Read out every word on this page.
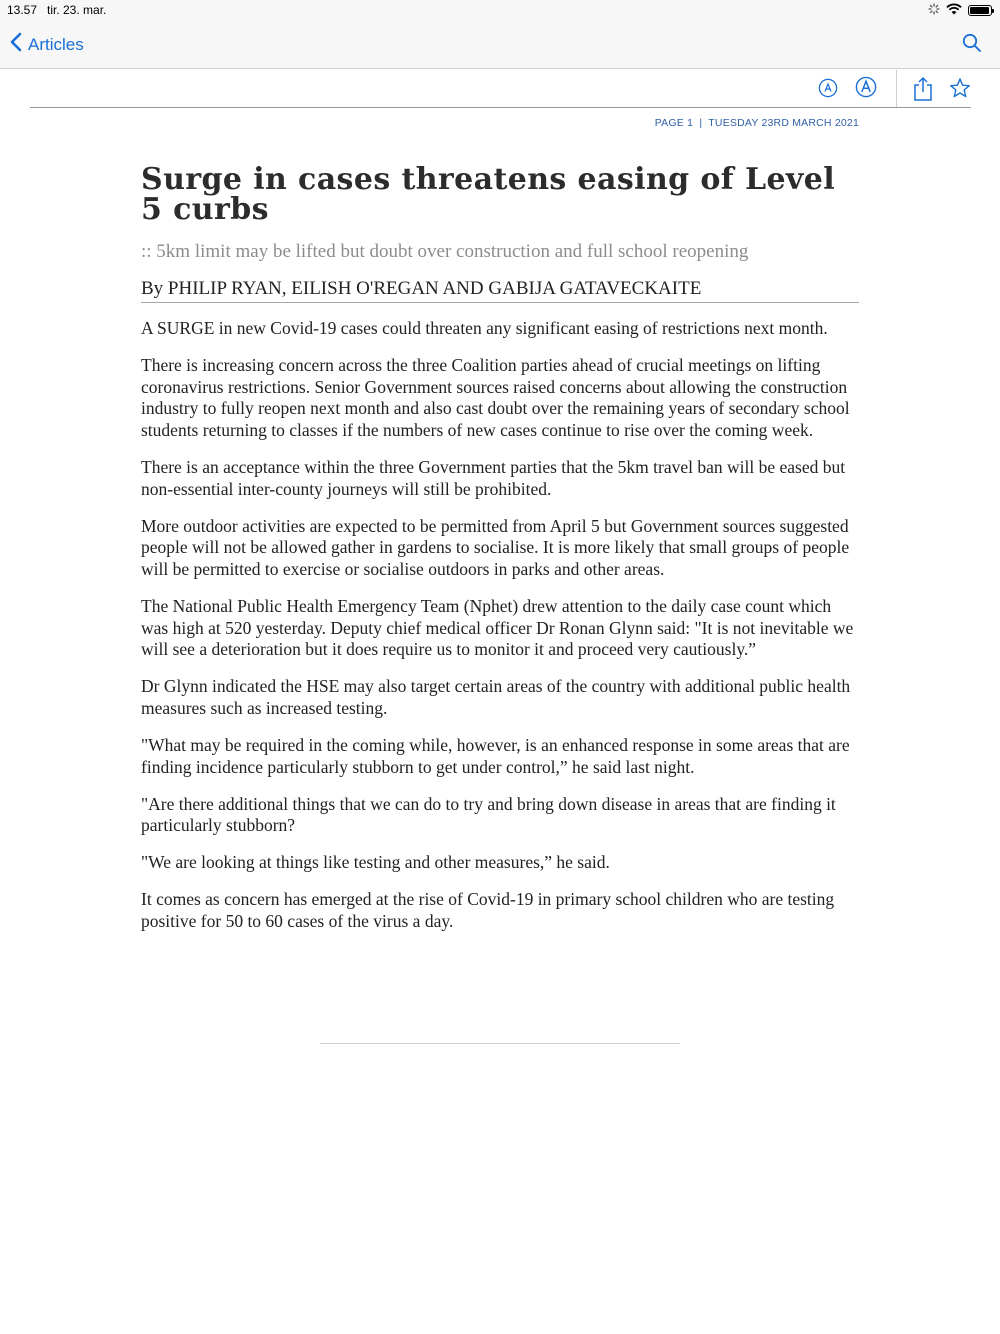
13.57 tir. 23. mar.
Articles
PAGE 1  |  TUESDAY 23RD MARCH 2021
Surge in cases threatens easing of Level 5 curbs
:: 5km limit may be lifted but doubt over construction and full school reopening
By PHILIP RYAN, EILISH O'REGAN AND GABIJA GATAVECKAITE

A SURGE in new Covid-19 cases could threaten any significant easing of restrictions next month.

There is increasing concern across the three Coalition parties ahead of crucial meetings on lifting coronavirus restrictions. Senior Government sources raised concerns about allowing the construction industry to fully reopen next month and also cast doubt over the remaining years of secondary school students returning to classes if the numbers of new cases continue to rise over the coming week.

There is an acceptance within the three Government parties that the 5km travel ban will be eased but non-essential inter-county journeys will still be prohibited.

More outdoor activities are expected to be permitted from April 5 but Government sources suggested people will not be allowed gather in gardens to socialise. It is more likely that small groups of people will be permitted to exercise or socialise outdoors in parks and other areas.

The National Public Health Emergency Team (Nphet) drew attention to the daily case count which was high at 520 yesterday. Deputy chief medical officer Dr Ronan Glynn said: "It is not inevitable we will see a deterioration but it does require us to monitor it and proceed very cautiously.”

Dr Glynn indicated the HSE may also target certain areas of the country with additional public health measures such as increased testing.

"What may be required in the coming while, however, is an enhanced response in some areas that are finding incidence particularly stubborn to get under control,” he said last night.

"Are there additional things that we can do to try and bring down disease in areas that are finding it particularly stubborn?

"We are looking at things like testing and other measures,” he said.

It comes as concern has emerged at the rise of Covid-19 in primary school children who are testing positive for 50 to 60 cases of the virus a day.
